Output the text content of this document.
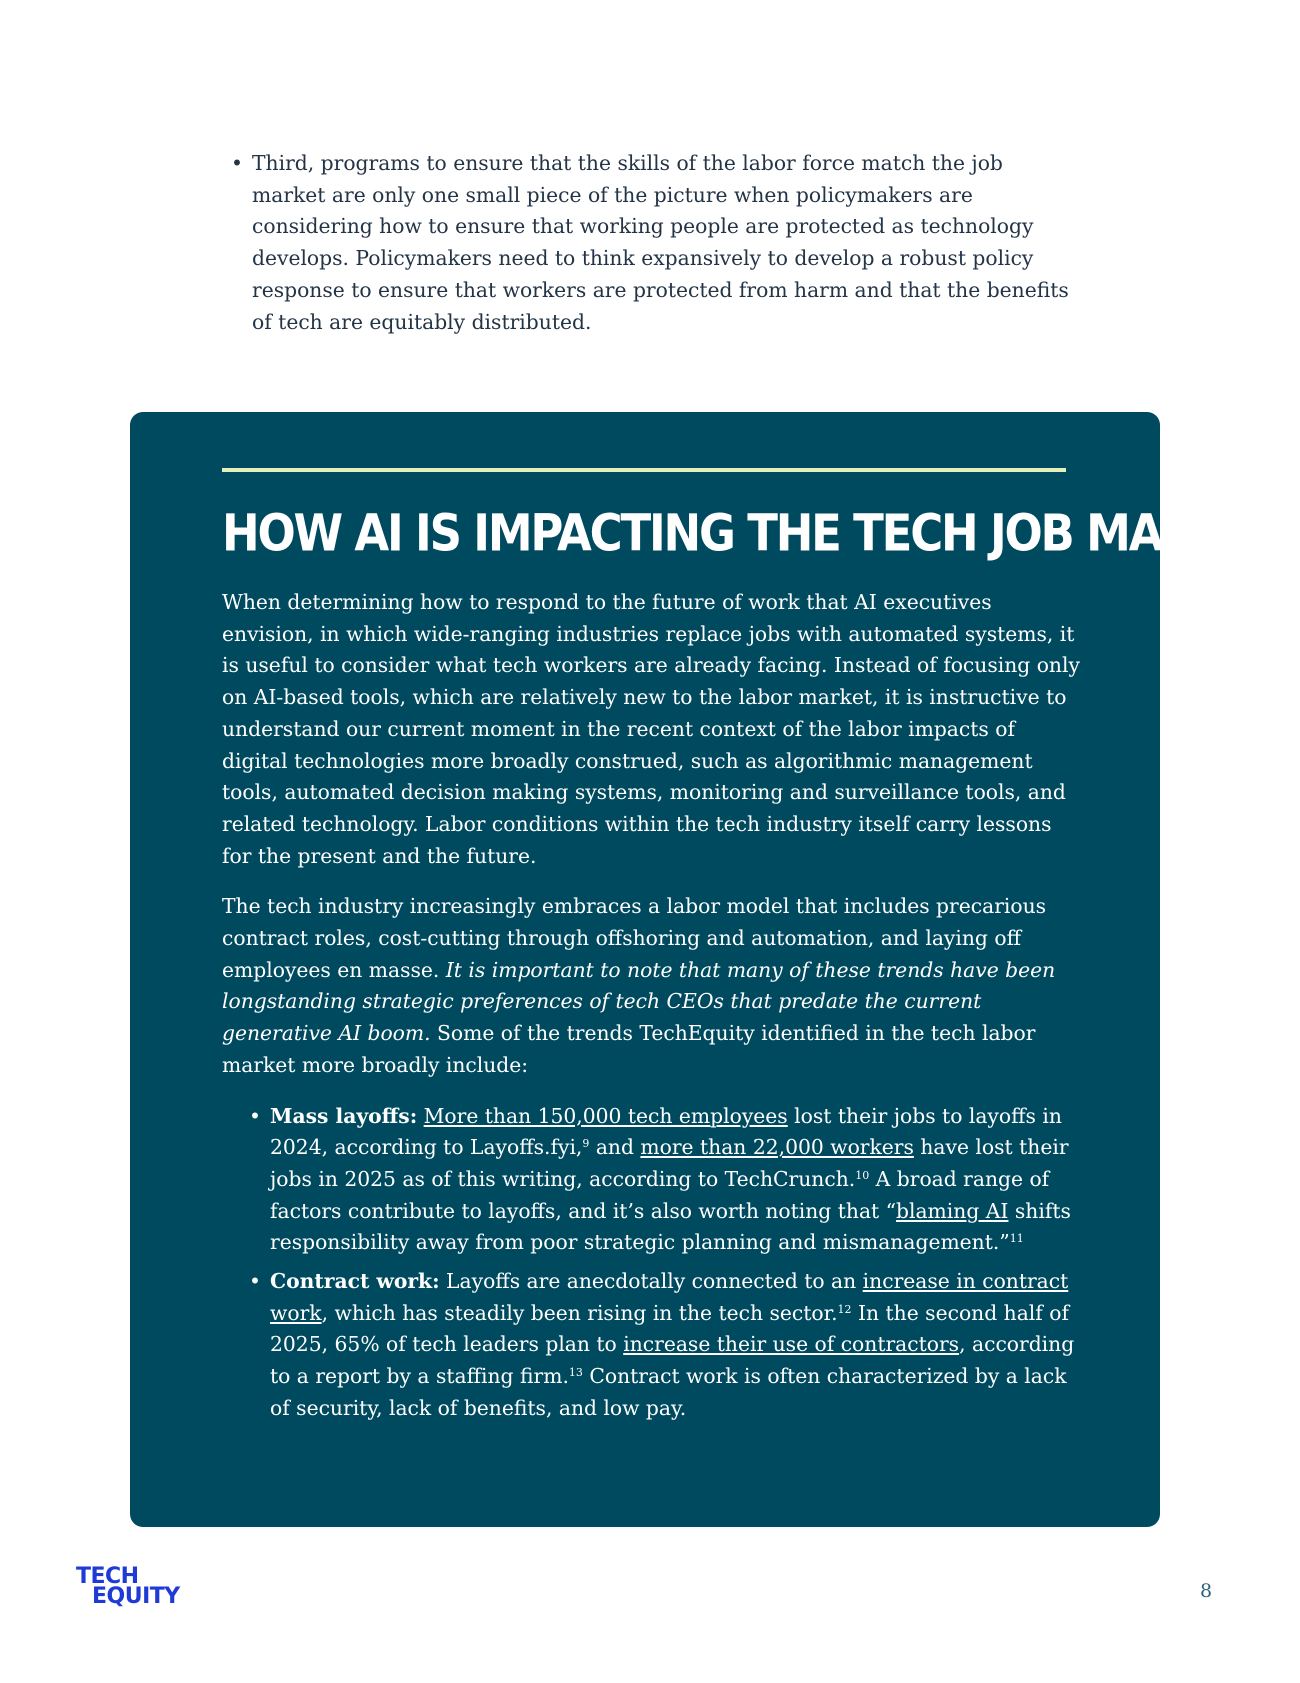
• Third, programs to ensure that the skills of the labor force match the job market are only one small piece of the picture when policymakers are considering how to ensure that working people are protected as technology develops. Policymakers need to think expansively to develop a robust policy response to ensure that workers are protected from harm and that the benefits of tech are equitably distributed.
HOW AI IS IMPACTING THE TECH JOB MARKET

When determining how to respond to the future of work that AI executives envision, in which wide-ranging industries replace jobs with automated systems, it is useful to consider what tech workers are already facing. Instead of focusing only on AI-based tools, which are relatively new to the labor market, it is instructive to understand our current moment in the recent context of the labor impacts of digital technologies more broadly construed, such as algorithmic management tools, automated decision making systems, monitoring and surveillance tools, and related technology. Labor conditions within the tech industry itself carry lessons for the present and the future.

The tech industry increasingly embraces a labor model that includes precarious contract roles, cost-cutting through offshoring and automation, and laying off employees en masse. It is important to note that many of these trends have been longstanding strategic preferences of tech CEOs that predate the current generative AI boom. Some of the trends TechEquity identified in the tech labor market more broadly include:

• Mass layoffs: More than 150,000 tech employees lost their jobs to layoffs in 2024, according to Layoffs.fyi,$^9$ and more than 22,000 workers have lost their jobs in 2025 as of this writing, according to TechCrunch.$^{10}$ A broad range of factors contribute to layoffs, and it’s also worth noting that “blaming AI shifts responsibility away from poor strategic planning and mismanagement.”$^{11}$
• Contract work: Layoffs are anecdotally connected to an increase in contract work, which has steadily been rising in the tech sector.$^{12}$ In the second half of 2025, 65% of tech leaders plan to increase their use of contractors, according to a report by a staffing firm.$^{13}$ Contract work is often characterized by a lack of security, lack of benefits, and low pay.
TECH
EQUITY	8
